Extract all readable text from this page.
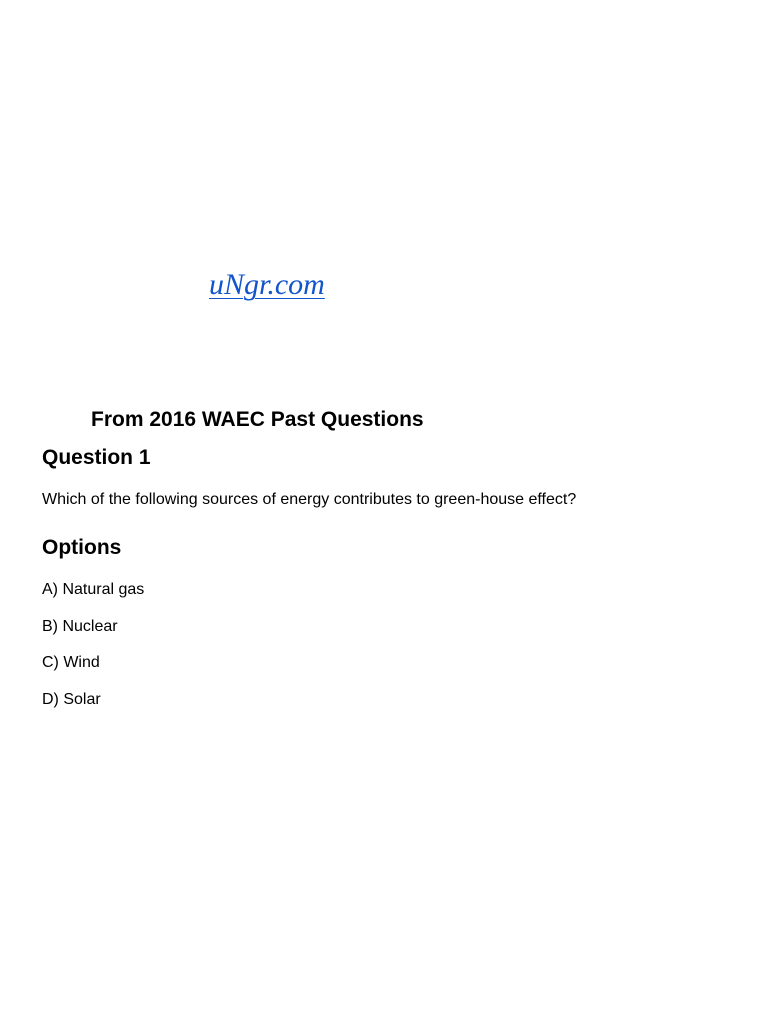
uNgr.com
From 2016 WAEC Past Questions
Question 1
Which of the following sources of energy contributes to green-house effect?
Options
A) Natural gas
B) Nuclear
C) Wind
D) Solar
